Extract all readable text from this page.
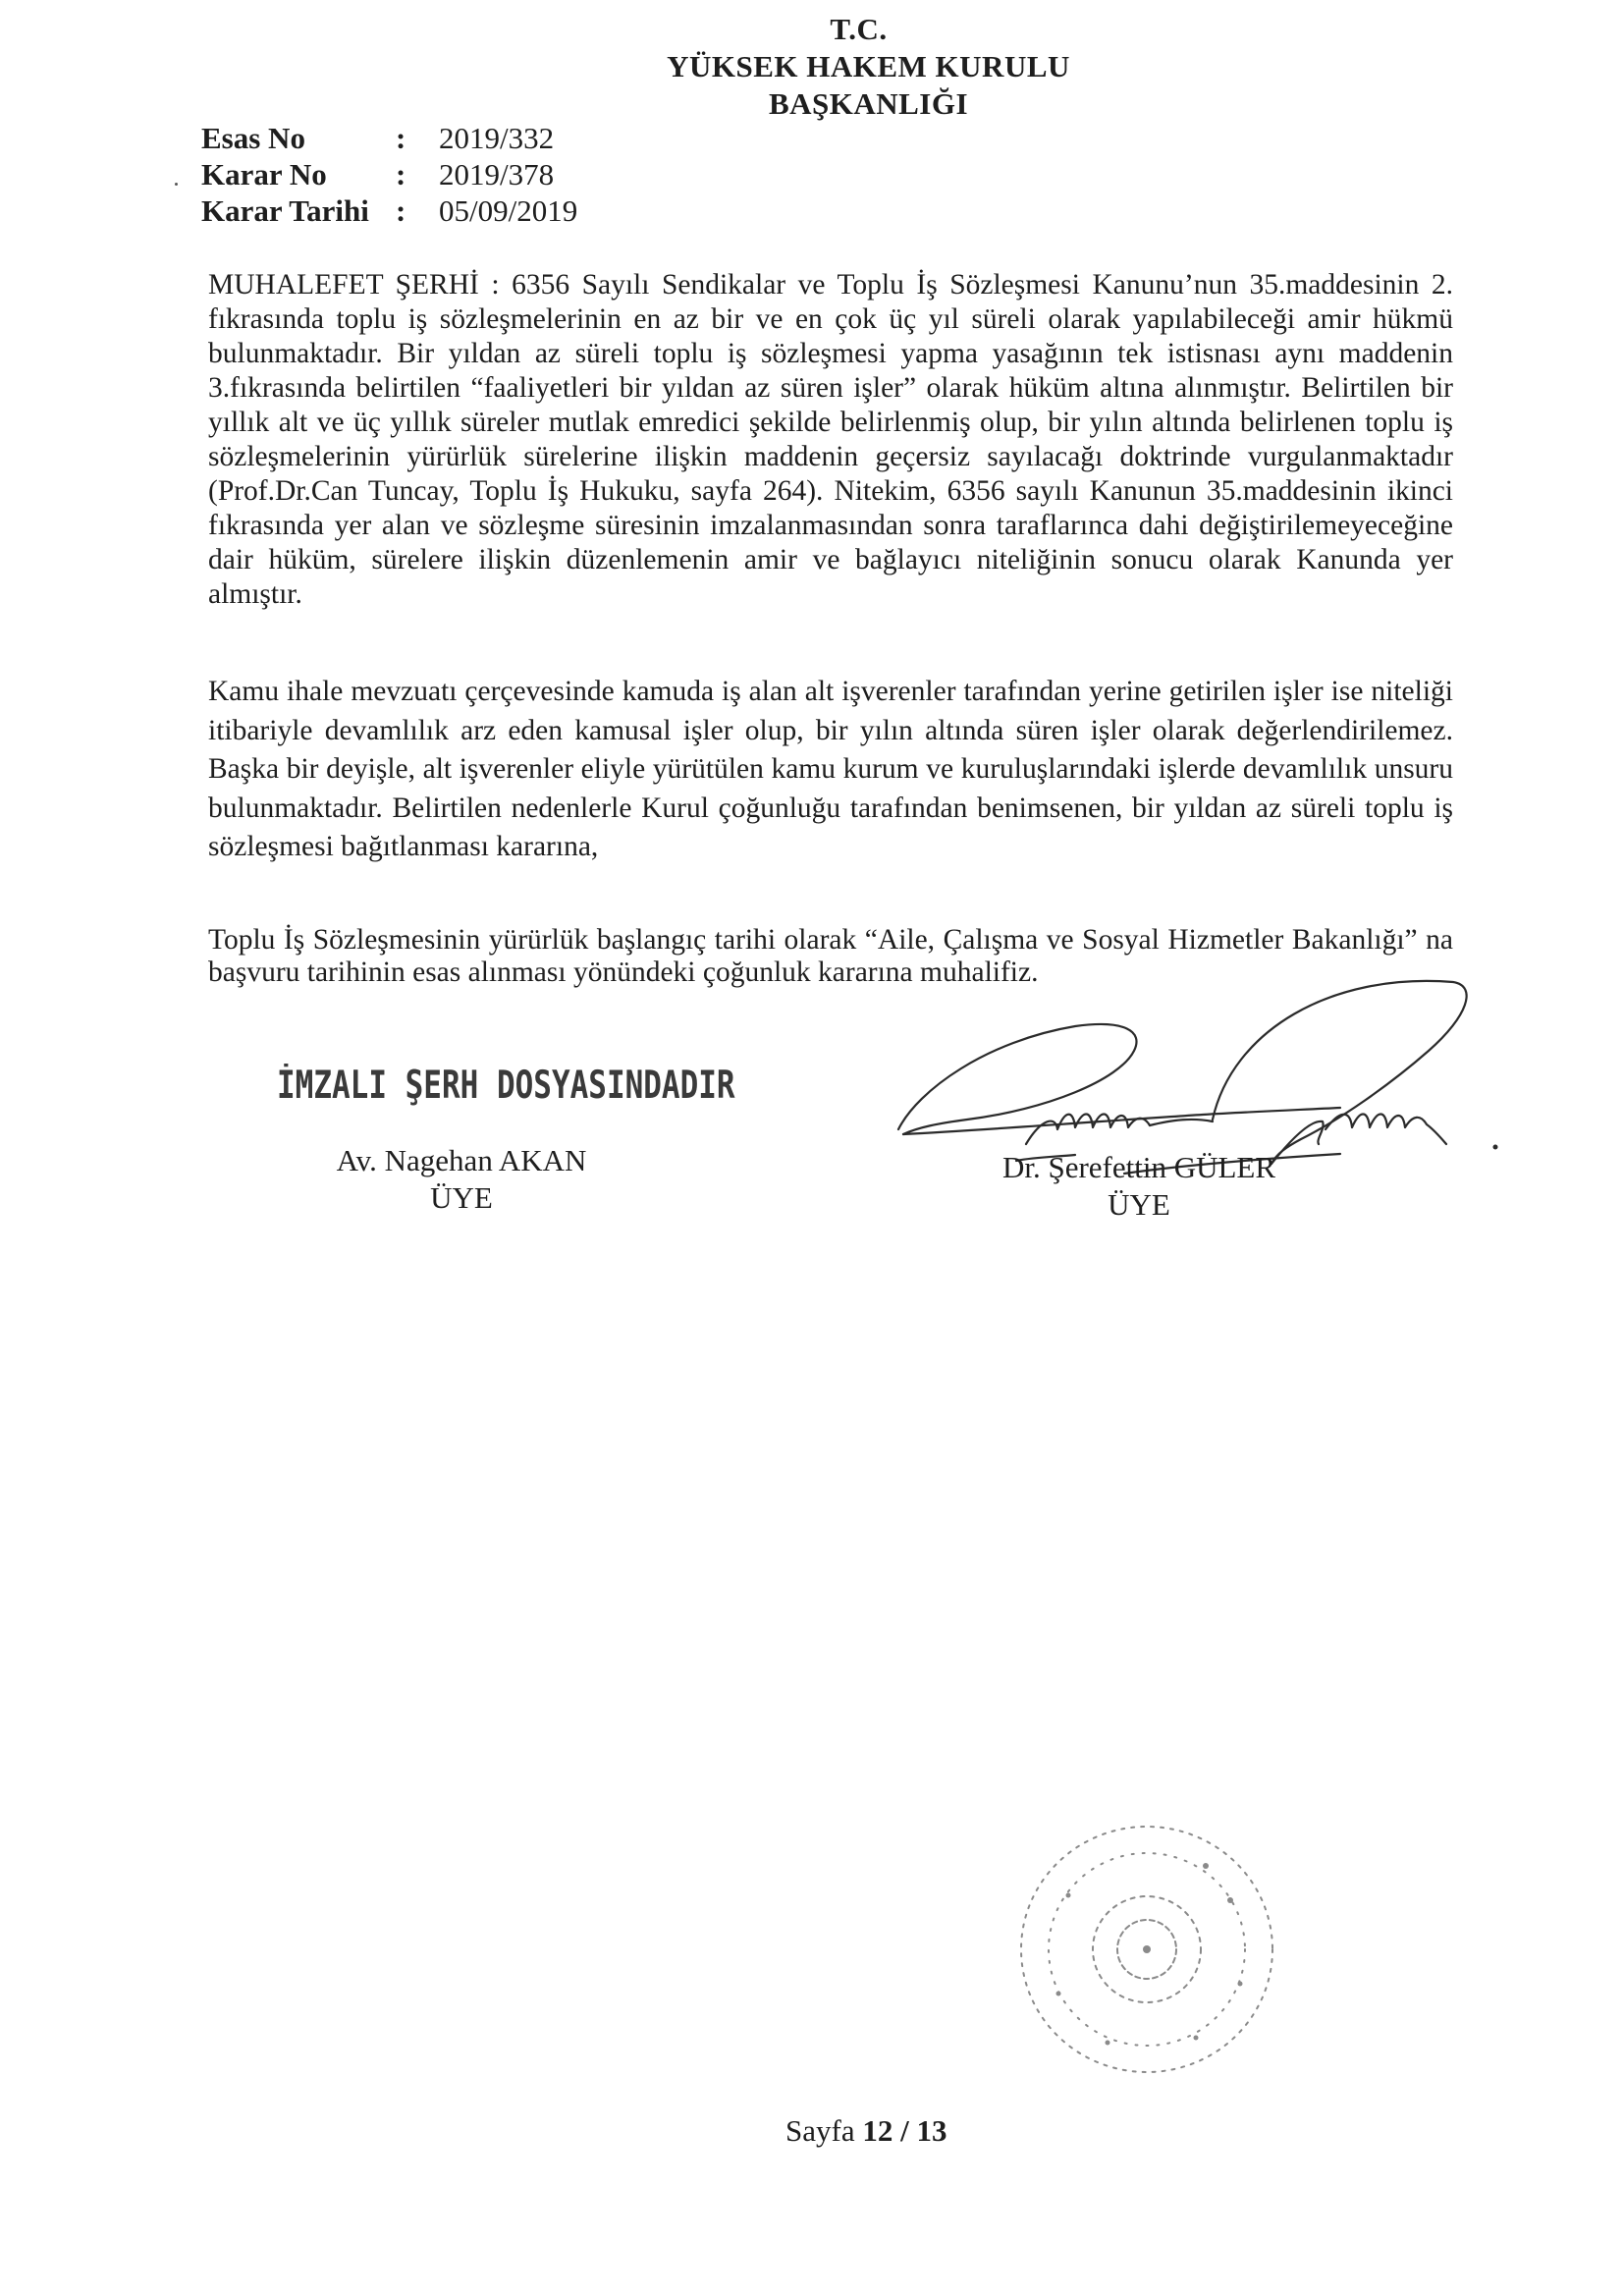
T.C.
YÜKSEK HAKEM KURULU
BAŞKANLIĞI
Esas No	:	2019/332
Karar No	:	2019/378
Karar Tarihi :	05/09/2019
MUHALEFET ŞERHİ : 6356 Sayılı Sendikalar ve Toplu İş Sözleşmesi Kanunu’nun 35.maddesinin 2. fıkrasında toplu iş sözleşmelerinin en az bir ve en çok üç yıl süreli olarak yapılabileceği amir hükmü bulunmaktadır. Bir yıldan az süreli toplu iş sözleşmesi yapma yasağının tek istisnası aynı maddenin 3.fıkrasında belirtilen “faaliyetleri bir yıldan az süren işler” olarak hüküm altına alınmıştır. Belirtilen bir yıllık alt ve üç yıllık süreler mutlak emredici şekilde belirlenmiş olup, bir yılın altında belirlenen toplu iş sözleşmelerinin yürürlük sürelerine ilişkin maddenin geçersiz sayılacağı doktrinde vurgulanmaktadır (Prof.Dr.Can Tuncay, Toplu İş Hukuku, sayfa 264). Nitekim, 6356 sayılı Kanunun 35.maddesinin ikinci fıkrasında yer alan ve sözleşme süresinin imzalanmasından sonra taraflarınca dahi değiştirilemeyeceğine dair hüküm, sürelere ilişkin düzenlemenin amir ve bağlayıcı niteliğinin sonucu olarak Kanunda yer almıştır.
Kamu ihale mevzuatı çerçevesinde kamuda iş alan alt işverenler tarafından yerine getirilen işler ise niteliği itibariyle devamlılık arz eden kamusal işler olup, bir yılın altında süren işler olarak değerlendirilemez. Başka bir deyişle, alt işverenler eliyle yürütülen kamu kurum ve kuruluşlarındaki işlerde devamlılık unsuru bulunmaktadır. Belirtilen nedenlerle Kurul çoğunluğu tarafından benimsenen, bir yıldan az süreli toplu iş sözleşmesi bağıtlanması kararına,
Toplu İş Sözleşmesinin yürürlük başlangıç tarihi olarak “Aile, Çalışma ve Sosyal Hizmetler Bakanlığı” na başvuru tarihinin esas alınması yönündeki çoğunluk kararına muhalifiz.
İMZALI ŞERH DOSYASINDADIR
Av. Nagehan AKAN
ÜYE
Dr. Şerefettin GÜLER
ÜYE
Sayfa 12 / 13
